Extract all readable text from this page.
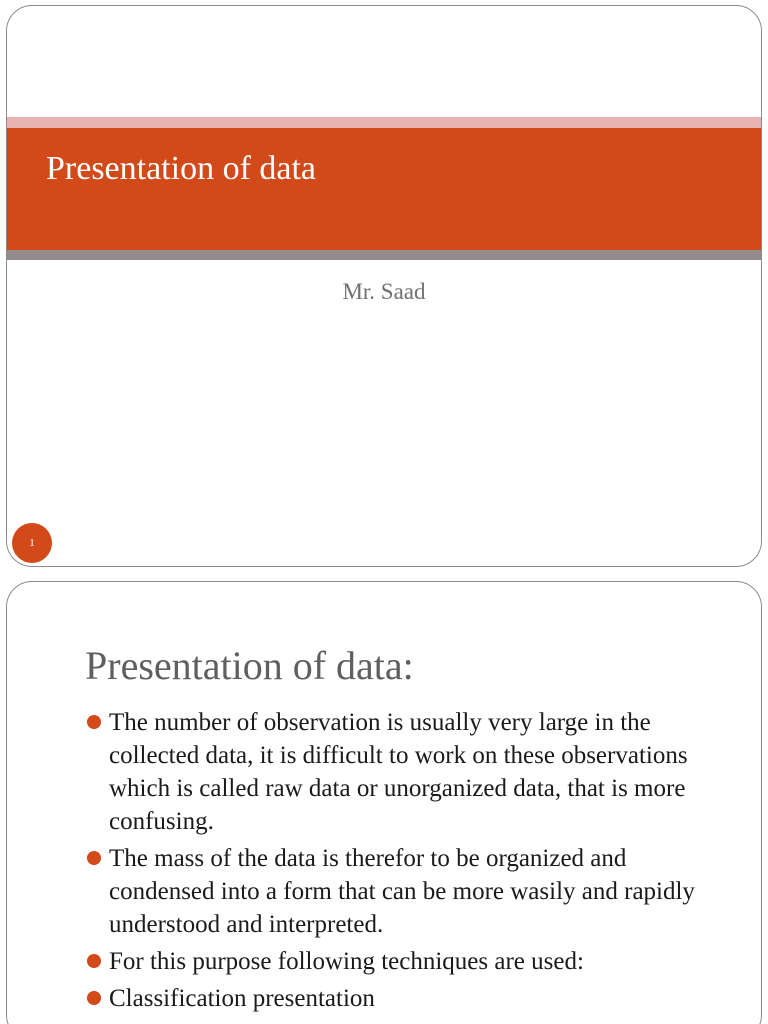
Presentation of data
Mr. Saad
1
Presentation of data:
The number of observation is usually very large in the collected data, it is difficult to work on these observations which is called raw data or unorganized data, that is more confusing.
The mass of the data is therefor to be organized and condensed into a form that can be more wasily and rapidly understood and interpreted.
For this purpose following techniques are used:
Classification presentation
